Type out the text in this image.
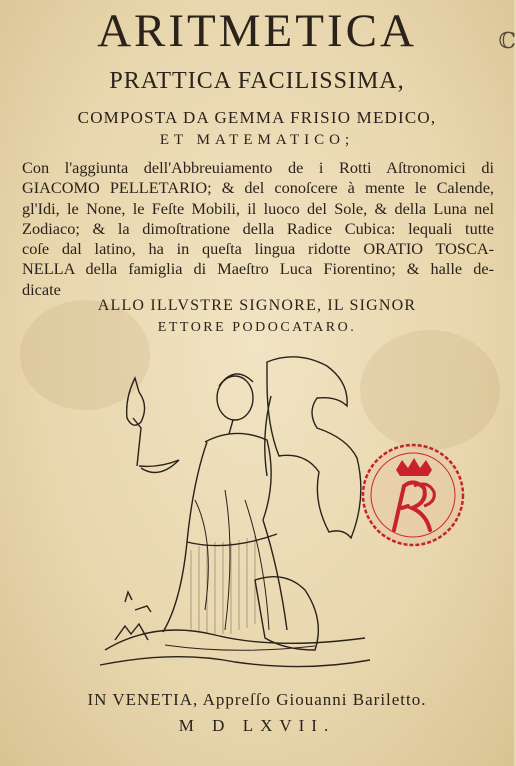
ARITMETICA	ℂ
PRATTICA FACILISSIMA,
COMPOSTA DA GEMMA FRISIO MEDICO,
ET MATEMATICO;
Con l'aggiunta dell'Abbreuiamento de i Rotti Aſtronomici di
GIACOMO PELLETARIO; & del conoſcere à mente le Calende,
gl'Idi, le None, le Feſte Mobili, il luoco del Sole, & della Luna nel
Zodiaco; & la dimoſtratione della Radice Cubica: lequali tutte
coſe dal latino, ha in queſta lingua ridotte ORATIO TOSCA-
NELLA della famiglia di Maeſtro Luca Fiorentino; & halle de-
dicate
ALLO ILLVSTRE SIGNORE, IL SIGNOR
ETTORE PODOCATARO.
IN VENETIA, Appreſſo Giouanni Bariletto.
M D LXVII.
